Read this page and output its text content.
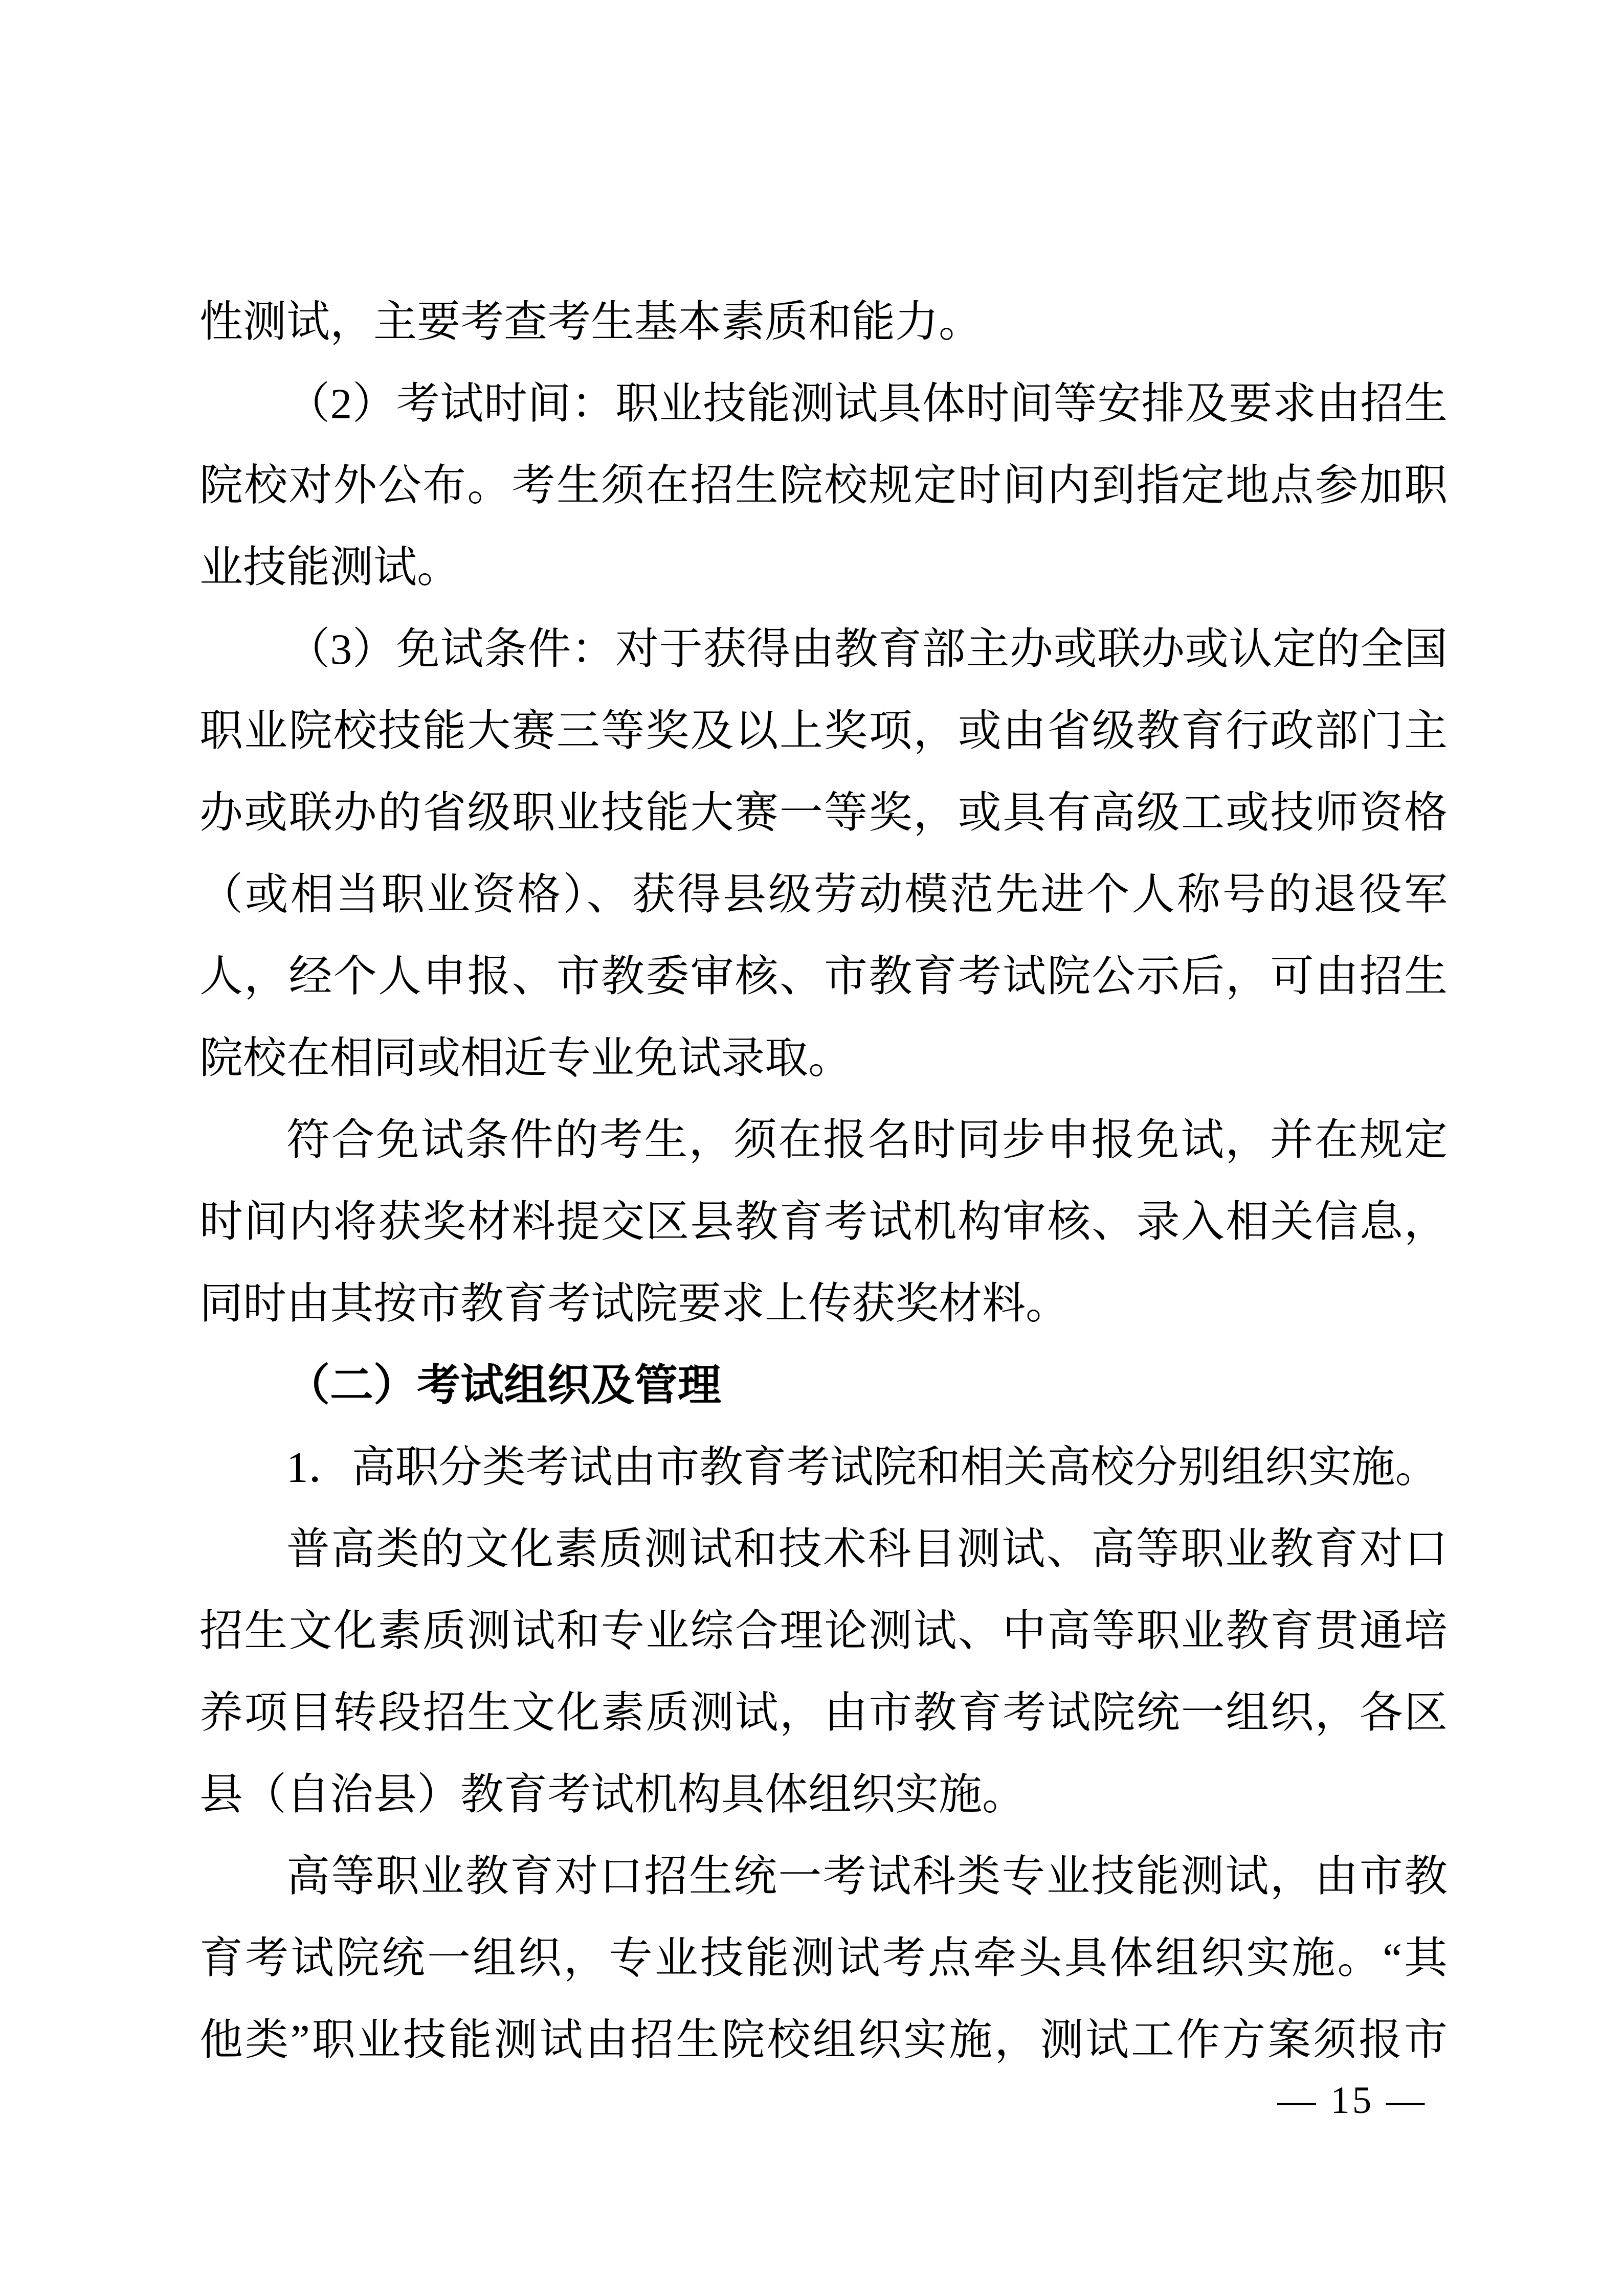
性测试，主要考查考生基本素质和能力。
（2）考试时间：职业技能测试具体时间等安排及要求由招生
院校对外公布。考生须在招生院校规定时间内到指定地点参加职
业技能测试。
（3）免试条件：对于获得由教育部主办或联办或认定的全国
职业院校技能大赛三等奖及以上奖项，或由省级教育行政部门主
办或联办的省级职业技能大赛一等奖，或具有高级工或技师资格
（或相当职业资格）、获得县级劳动模范先进个人称号的退役军
人，经个人申报、市教委审核、市教育考试院公示后，可由招生
院校在相同或相近专业免试录取。
符合免试条件的考生，须在报名时同步申报免试，并在规定
时间内将获奖材料提交区县教育考试机构审核、录入相关信息，
同时由其按市教育考试院要求上传获奖材料。
（二）考试组织及管理
1．高职分类考试由市教育考试院和相关高校分别组织实施。
普高类的文化素质测试和技术科目测试、高等职业教育对口
招生文化素质测试和专业综合理论测试、中高等职业教育贯通培
养项目转段招生文化素质测试，由市教育考试院统一组织，各区
县（自治县）教育考试机构具体组织实施。
高等职业教育对口招生统一考试科类专业技能测试，由市教
育考试院统一组织，专业技能测试考点牵头具体组织实施。“其
他类”职业技能测试由招生院校组织实施，测试工作方案须报市
— 15 —
